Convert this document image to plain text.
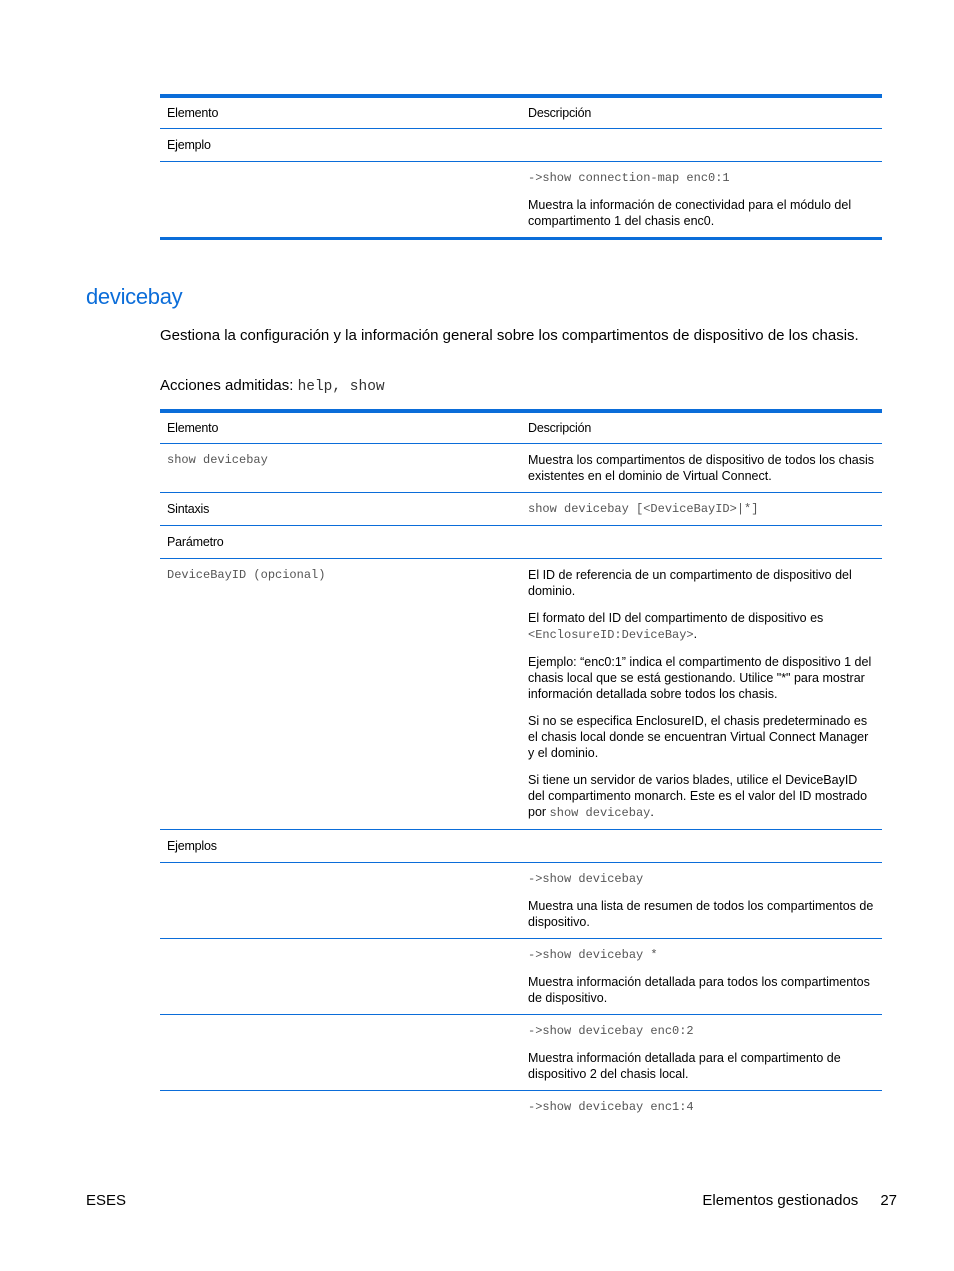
Elemento	Descripción
Ejemplo	

	->show connection-map enc0:1
Muestra la información de conectividad para el módulo del compartimento 1 del chasis enc0.
devicebay

Gestiona la configuración y la información general sobre los compartimentos de dispositivo de los chasis.

Acciones admitidas: help, show

Elemento	Descripción
show devicebay	Muestra los compartimentos de dispositivo de todos los chasis existentes en el dominio de Virtual Connect.
Sintaxis	show devicebay [<DeviceBayID>|*]
Parámetro	
DeviceBayID (opcional)	El ID de referencia de un compartimento de dispositivo del dominio.

El formato del ID del compartimento de dispositivo es <EnclosureID:DeviceBay>.

Ejemplo: “enc0:1” indica el compartimento de dispositivo 1 del chasis local que se está gestionando. Utilice "*" para mostrar información detallada sobre todos los chasis.

Si no se especifica EnclosureID, el chasis predeterminado es el chasis local donde se encuentran Virtual Connect Manager y el dominio.

Si tiene un servidor de varios blades, utilice el DeviceBayID del compartimento monarch. Este es el valor del ID mostrado por show devicebay.

Ejemplos	

	->show devicebay
Muestra una lista de resumen de todos los compartimentos de dispositivo.

	->show devicebay *
Muestra información detallada para todos los compartimentos de dispositivo.

	->show devicebay enc0:2
Muestra información detallada para el compartimento de dispositivo 2 del chasis local.

	->show devicebay enc1:4
ESES	Elementos gestionados 27
